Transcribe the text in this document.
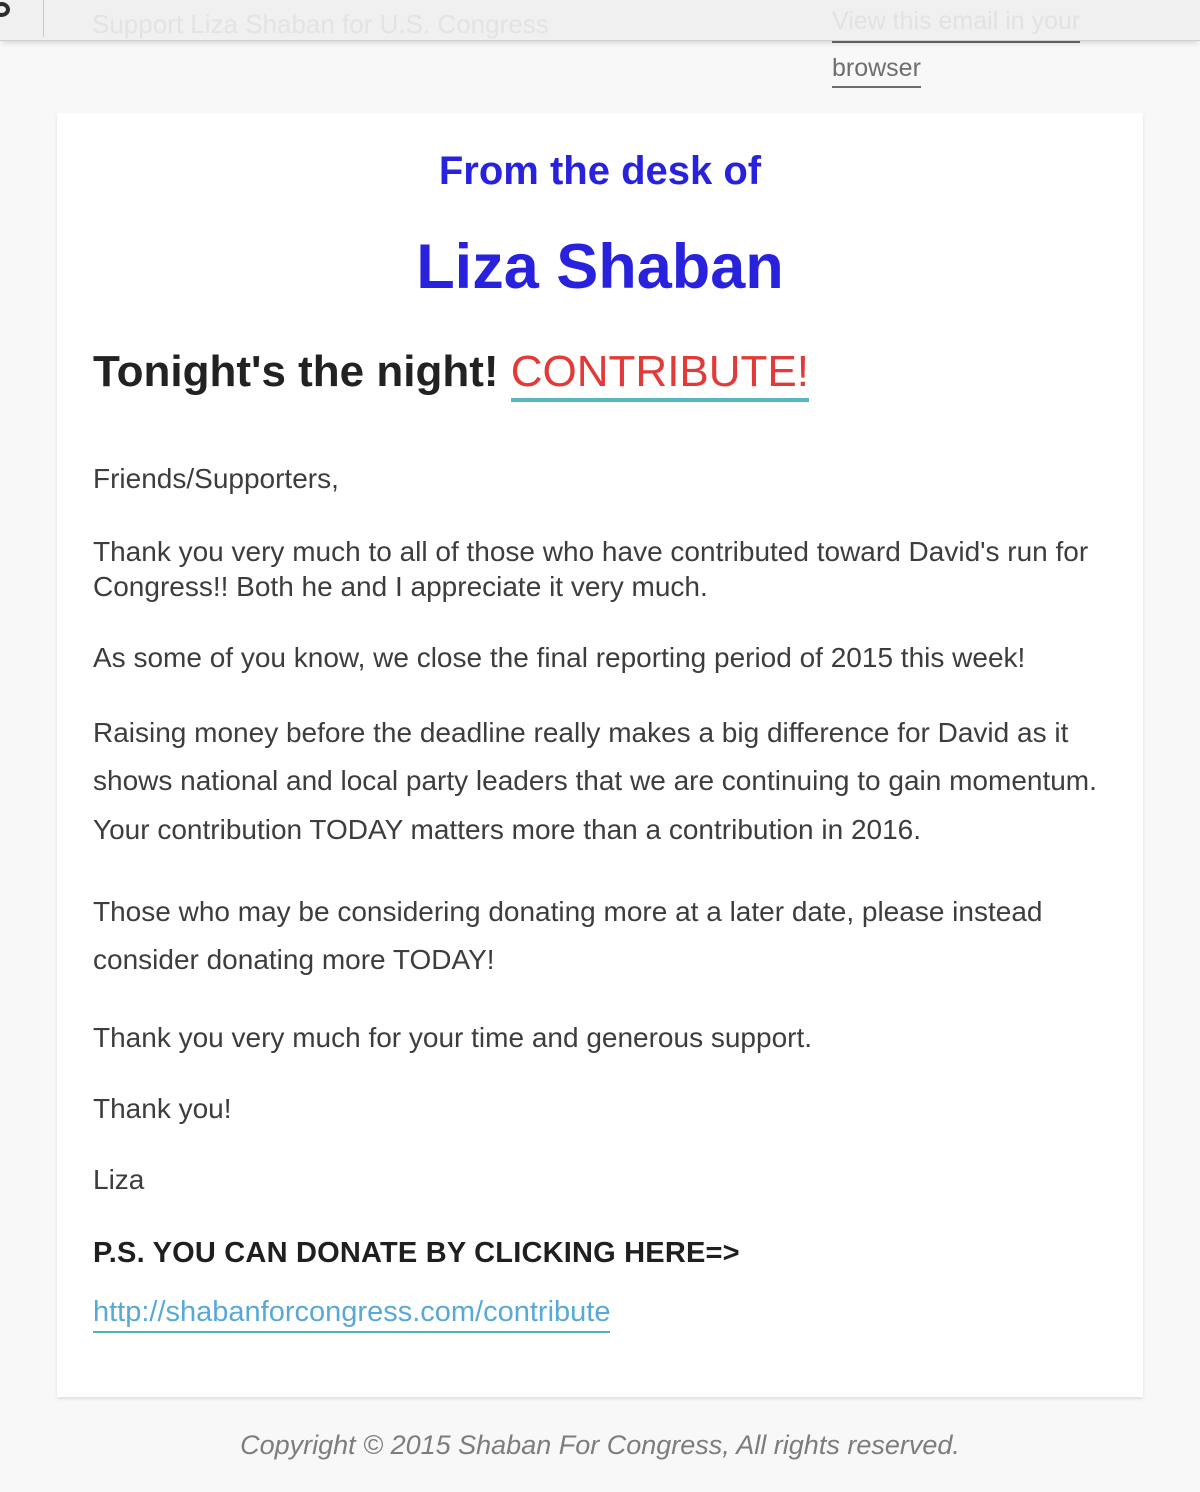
Support Liza Shaban for U.S. Congress	View this email in your
browser
From the desk of
Liza Shaban
Tonight's the night! CONTRIBUTE!

Friends/Supporters,

Thank you very much to all of those who have contributed toward David's run for Congress!! Both he and I appreciate it very much.

As some of you know, we close the final reporting period of 2015 this week!

Raising money before the deadline really makes a big difference for David as it shows national and local party leaders that we are continuing to gain momentum. Your contribution TODAY matters more than a contribution in 2016.

Those who may be considering donating more at a later date, please instead consider donating more TODAY!

Thank you very much for your time and generous support.

Thank you!

Liza

P.S. YOU CAN DONATE BY CLICKING HERE=>
http://shabanforcongress.com/contribute
Copyright © 2015 Shaban For Congress, All rights reserved.
